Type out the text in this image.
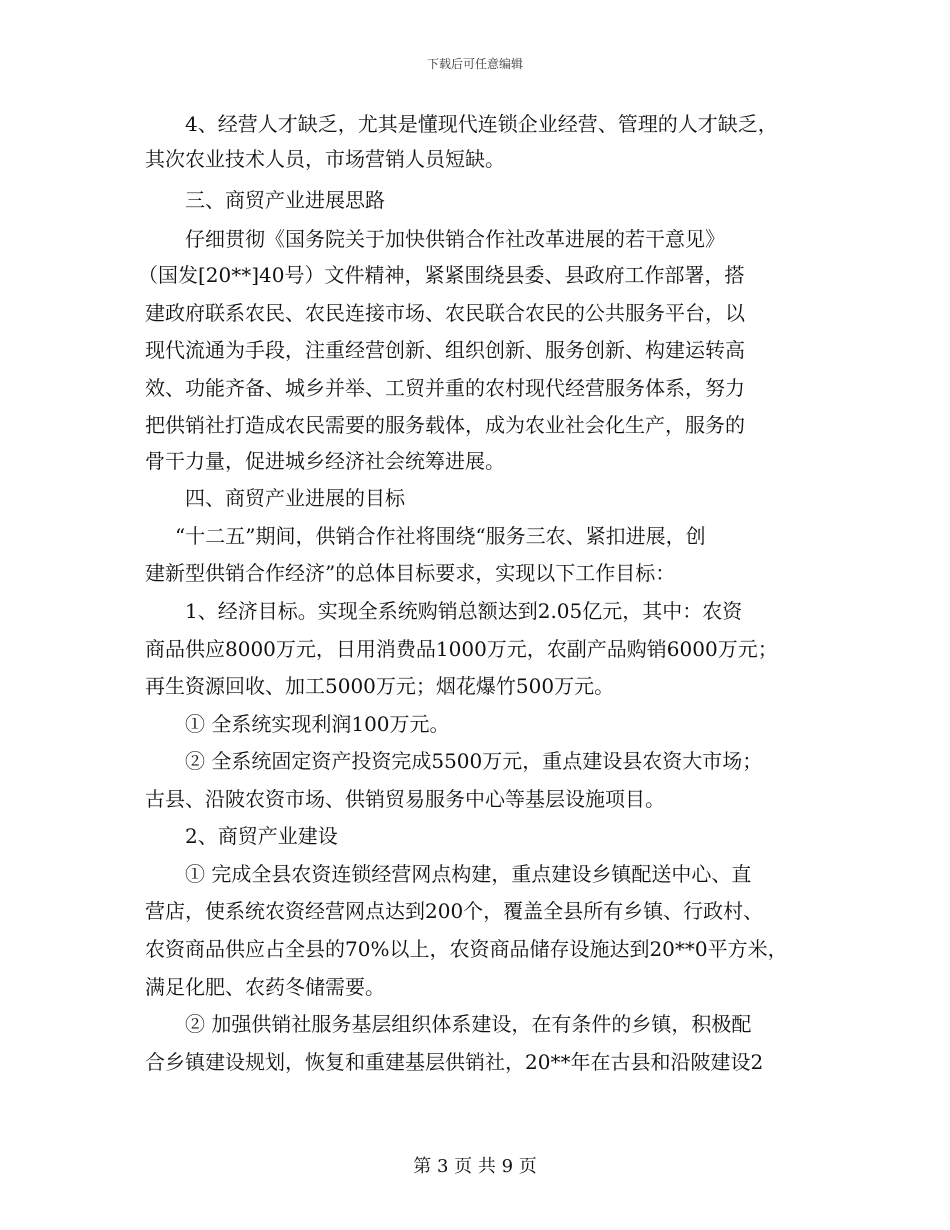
下载后可任意编辑
4、经营人才缺乏，尤其是懂现代连锁企业经营、管理的人才缺乏，
其次农业技术人员，市场营销人员短缺。
三、商贸产业进展思路
仔细贯彻《国务院关于加快供销合作社改革进展的若干意见》
（国发[20**]40号）文件精神，紧紧围绕县委、县政府工作部署，搭
建政府联系农民、农民连接市场、农民联合农民的公共服务平台，以
现代流通为手段，注重经营创新、组织创新、服务创新、构建运转高
效、功能齐备、城乡并举、工贸并重的农村现代经营服务体系，努力
把供销社打造成农民需要的服务载体，成为农业社会化生产，服务的
骨干力量，促进城乡经济社会统筹进展。
四、商贸产业进展的目标
“十二五”期间，供销合作社将围绕“服务三农、紧扣进展，创
建新型供销合作经济”的总体目标要求，实现以下工作目标：
1、经济目标。实现全系统购销总额达到2.05亿元，其中：农资
商品供应8000万元，日用消费品1000万元，农副产品购销6000万元；
再生资源回收、加工5000万元；烟花爆竹500万元。
① 全系统实现利润100万元。
② 全系统固定资产投资完成5500万元，重点建设县农资大市场；
古县、沿陂农资市场、供销贸易服务中心等基层设施项目。
2、商贸产业建设
① 完成全县农资连锁经营网点构建，重点建设乡镇配送中心、直
营店，使系统农资经营网点达到200个，覆盖全县所有乡镇、行政村、
农资商品供应占全县的70%以上，农资商品储存设施达到20**0平方米，
满足化肥、农药冬储需要。
② 加强供销社服务基层组织体系建设，在有条件的乡镇，积极配
合乡镇建设规划，恢复和重建基层供销社，20**年在古县和沿陂建设2
第 3 页 共 9 页
